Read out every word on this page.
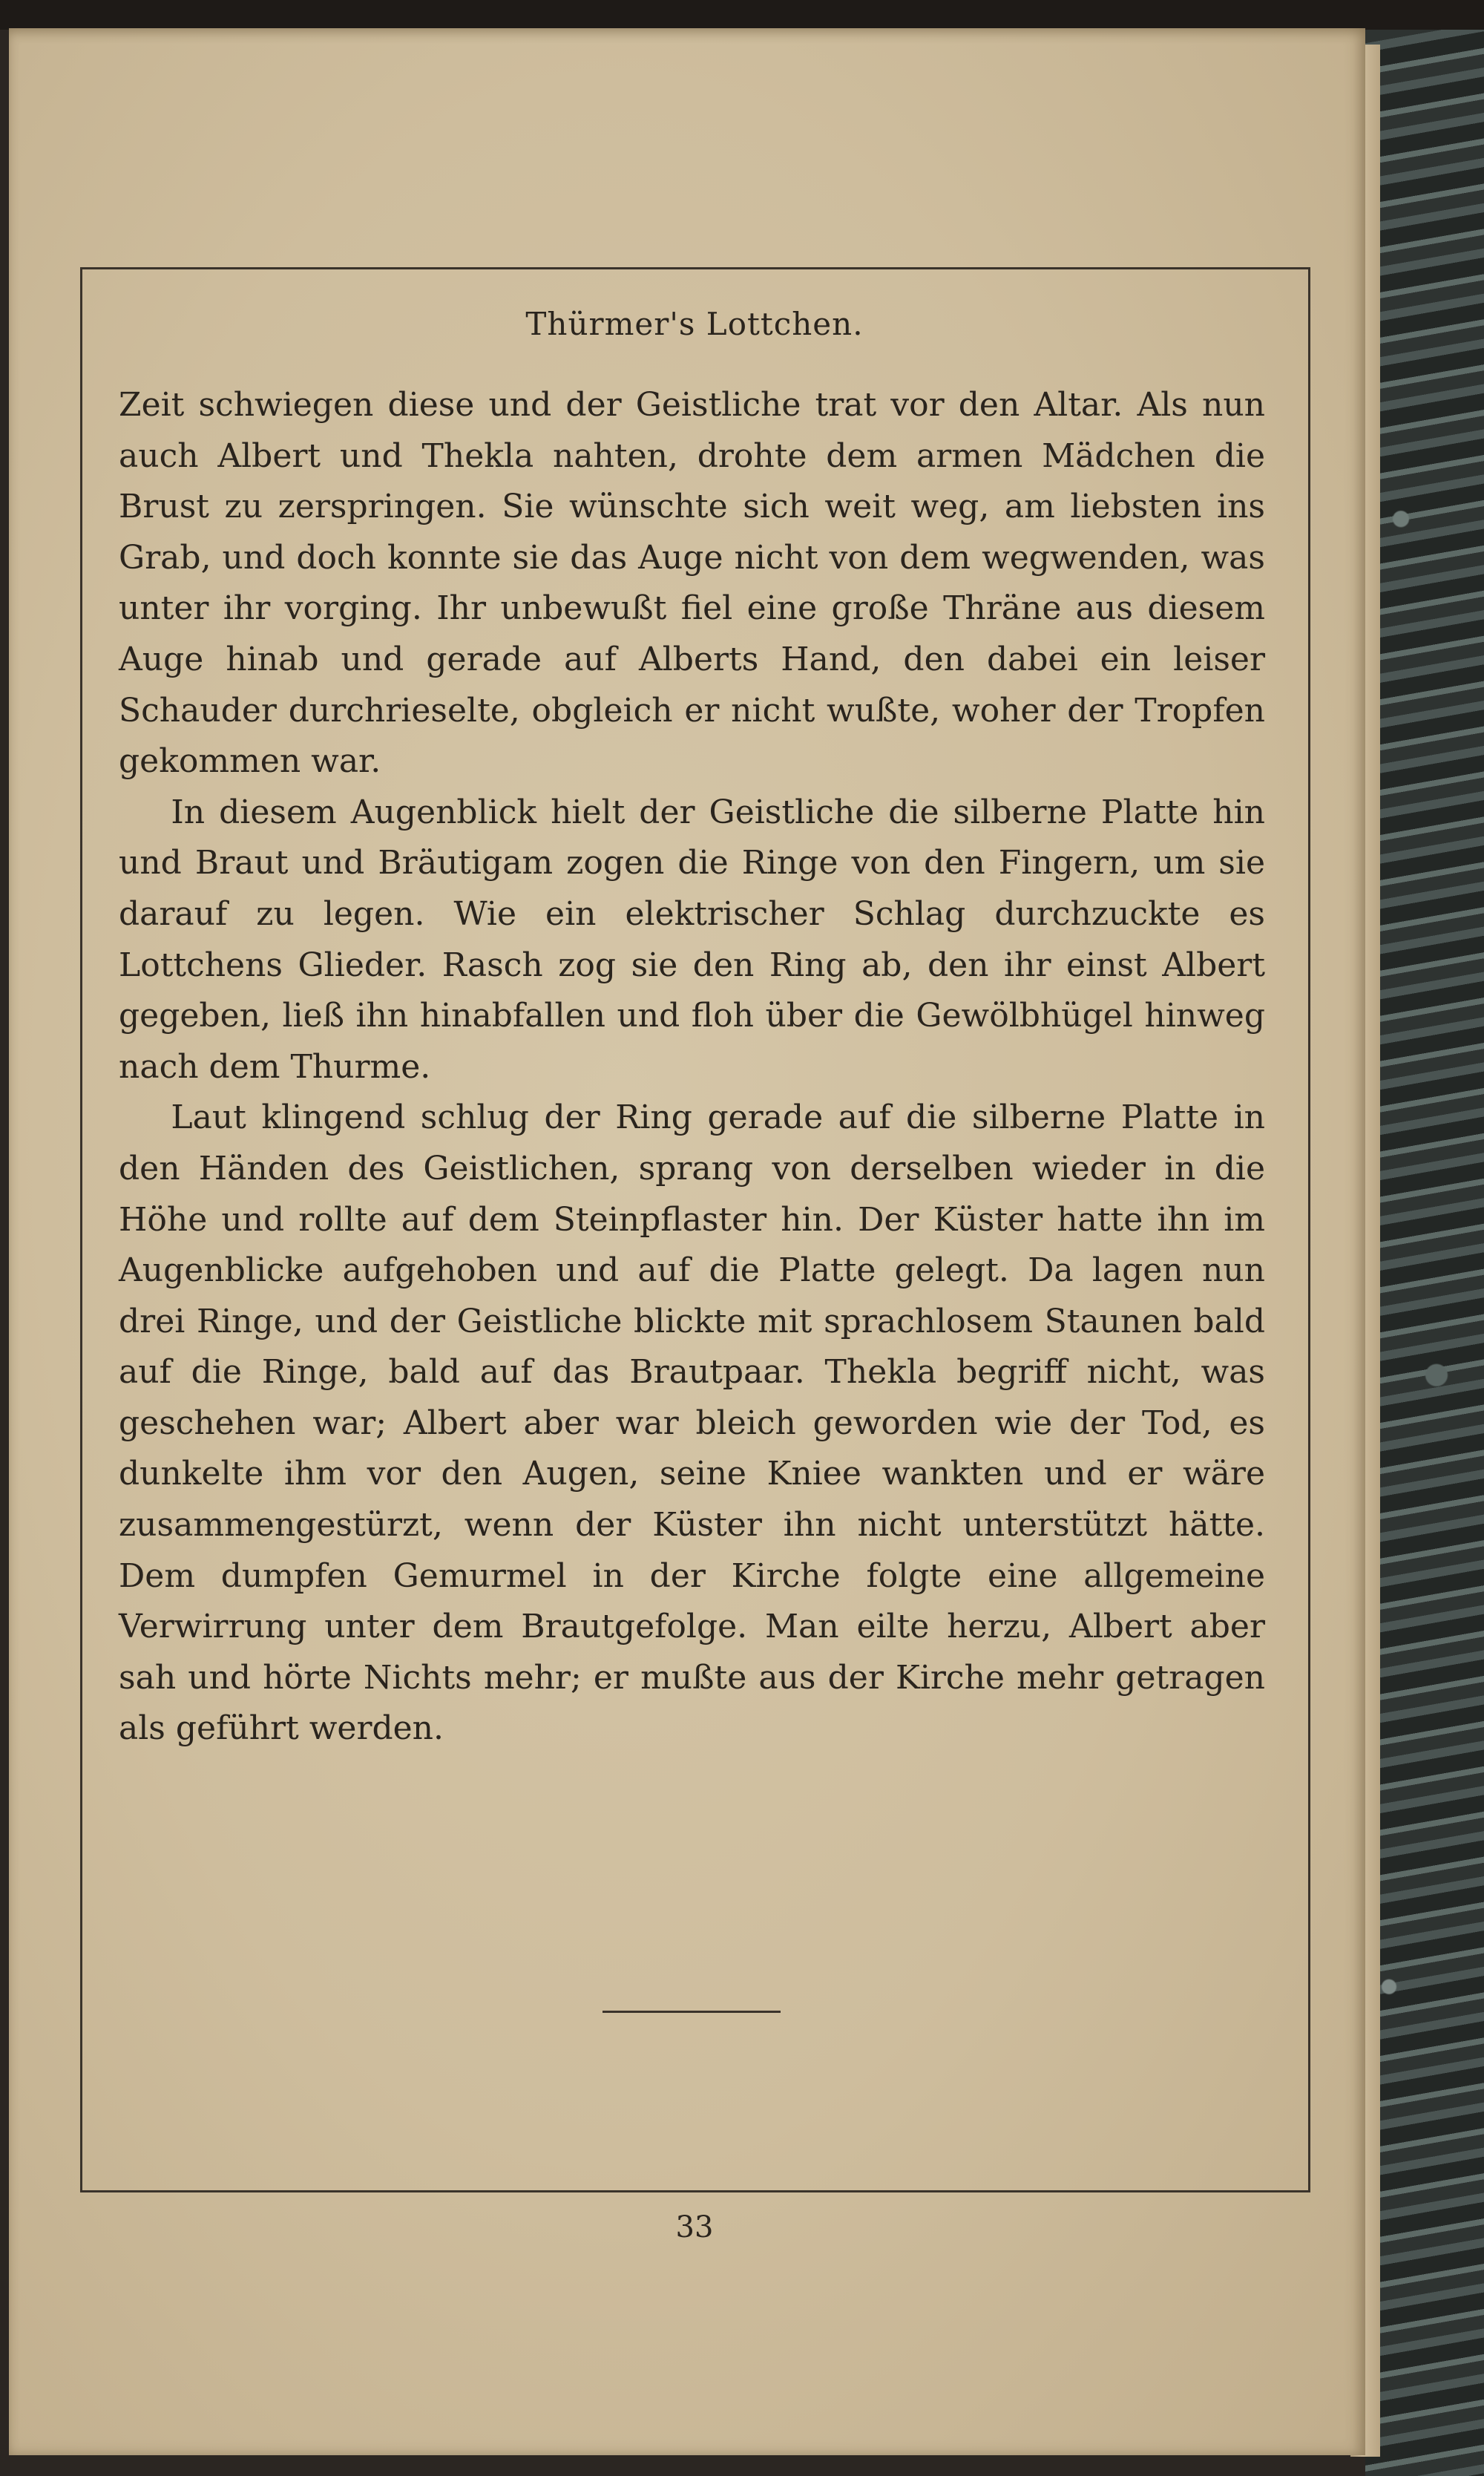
Thürmer's Lottchen.

Zeit schwiegen diese und der Geistliche trat vor den Altar. Als nun auch Albert und Thekla nahten, drohte dem armen Mädchen die Brust zu zerspringen. Sie wünschte sich weit weg, am liebsten ins Grab, und doch konnte sie das Auge nicht von dem wegwenden, was unter ihr vorging. Ihr unbewußt fiel eine große Thräne aus diesem Auge hinab und gerade auf Alberts Hand, den dabei ein leiser Schauder durchrieselte, obgleich er nicht wußte, woher der Tropfen gekommen war.

In diesem Augenblick hielt der Geistliche die silberne Platte hin und Braut und Bräutigam zogen die Ringe von den Fingern, um sie darauf zu legen. Wie ein elektrischer Schlag durchzuckte es Lottchens Glieder. Rasch zog sie den Ring ab, den ihr einst Albert gegeben, ließ ihn hinabfallen und floh über die Gewölbhügel hinweg nach dem Thurme.

Laut klingend schlug der Ring gerade auf die silberne Platte in den Händen des Geistlichen, sprang von derselben wieder in die Höhe und rollte auf dem Steinpflaster hin. Der Küster hatte ihn im Augenblicke aufgehoben und auf die Platte gelegt. Da lagen nun drei Ringe, und der Geistliche blickte mit sprachlosem Staunen bald auf die Ringe, bald auf das Brautpaar. Thekla begriff nicht, was geschehen war; Albert aber war bleich geworden wie der Tod, es dunkelte ihm vor den Augen, seine Kniee wankten und er wäre zusammengestürzt, wenn der Küster ihn nicht unterstützt hätte. Dem dumpfen Gemurmel in der Kirche folgte eine allgemeine Verwirrung unter dem Brautgefolge. Man eilte herzu, Albert aber sah und hörte Nichts mehr; er mußte aus der Kirche mehr getragen als geführt werden.

33
